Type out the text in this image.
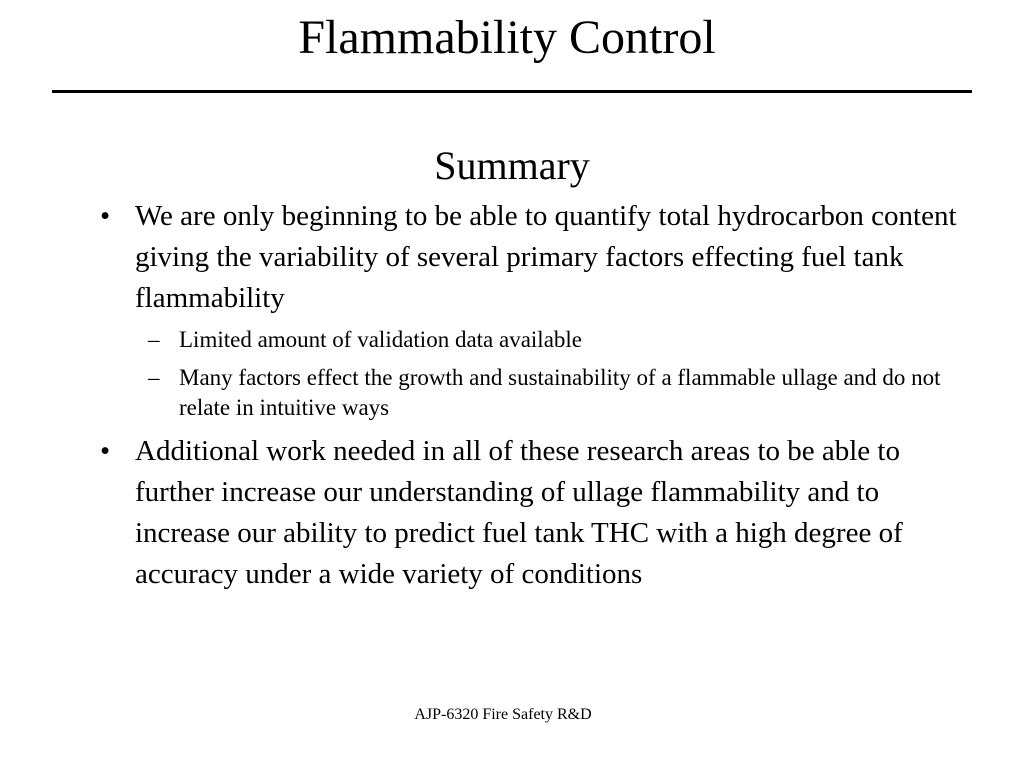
Flammability Control
Summary
• We are only beginning to be able to quantify total hydrocarbon content giving the variability of several primary factors effecting fuel tank flammability
– Limited amount of validation data available
– Many factors effect the growth and sustainability of a flammable ullage and do not relate in intuitive ways
• Additional work needed in all of these research areas to be able to further increase our understanding of ullage flammability and to increase our ability to predict fuel tank THC with a high degree of accuracy under a wide variety of conditions
AJP-6320 Fire Safety R&D
